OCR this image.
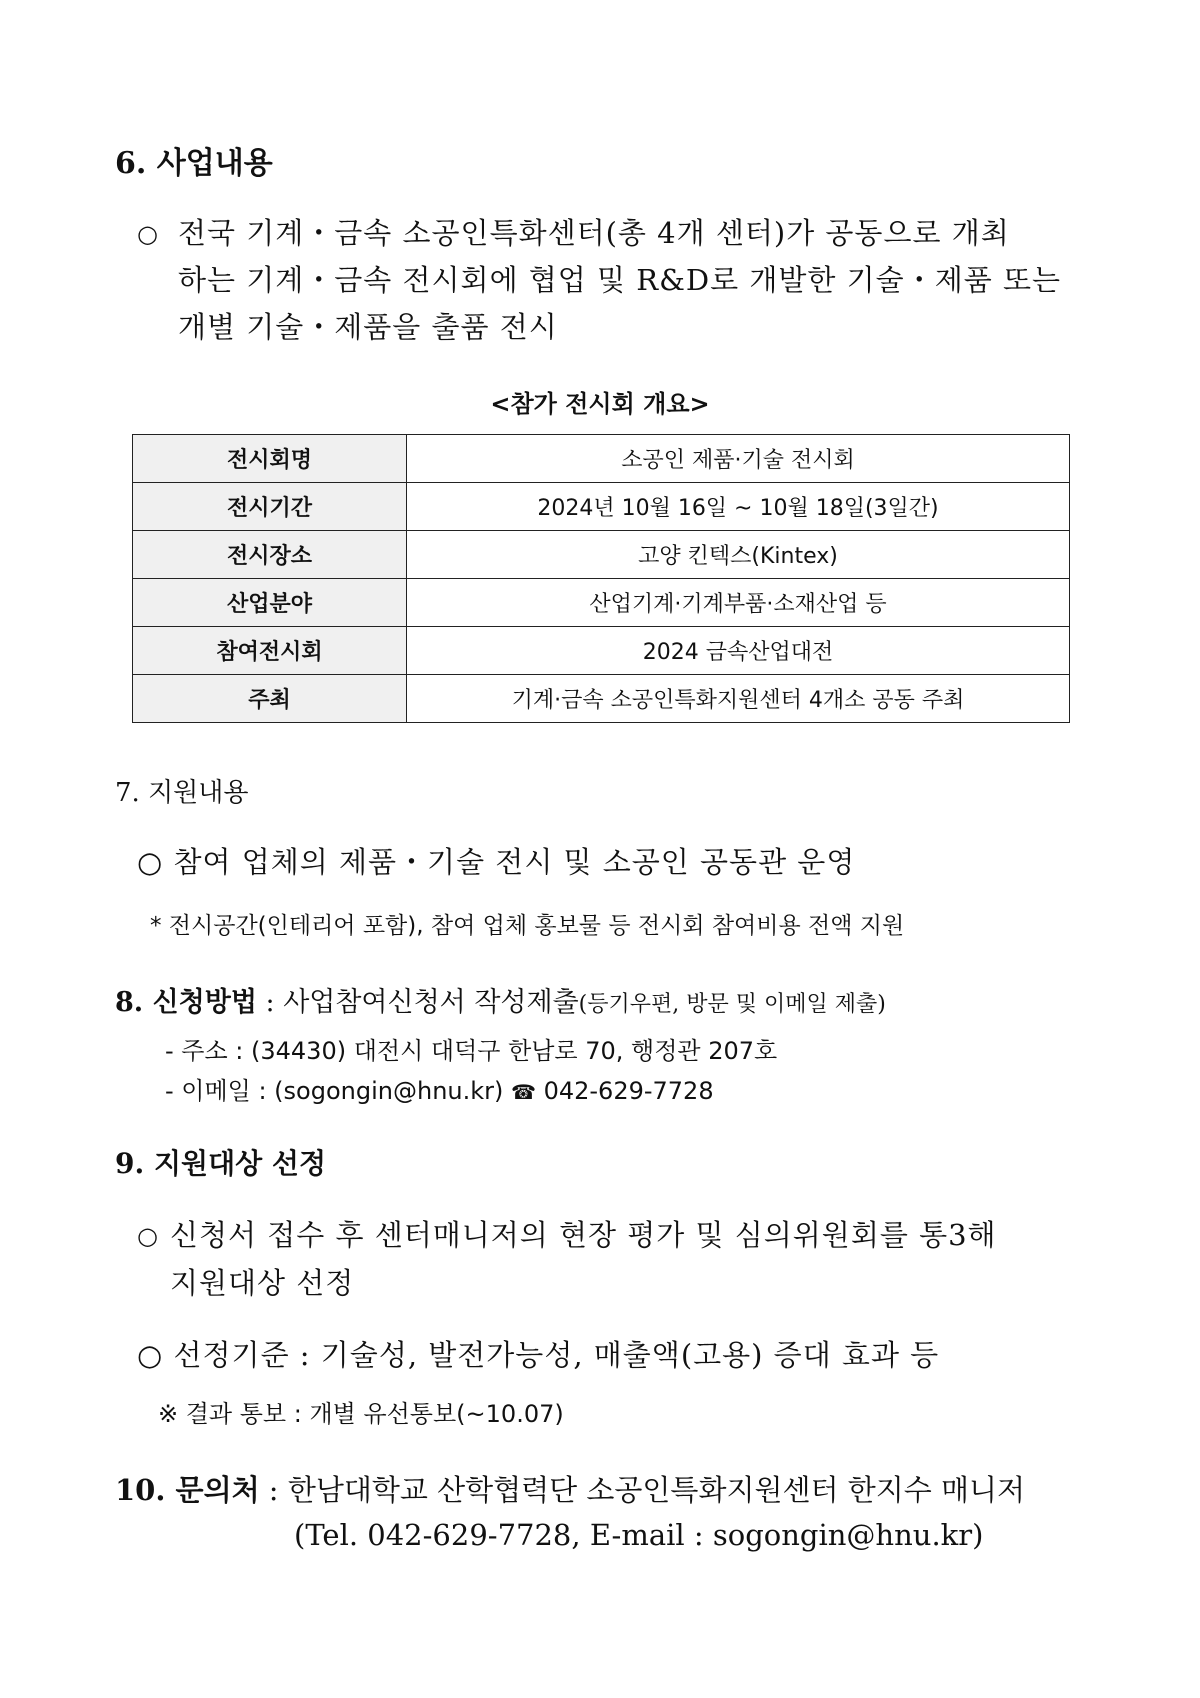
6. 사업내용
○ 전국 기계・금속 소공인특화센터(총 4개 센터)가 공동으로 개최
하는 기계・금속 전시회에 협업 및 R&D로 개발한 기술・제품 또는
개별 기술・제품을 출품 전시
<참가 전시회 개요>
전시회명	소공인 제품·기술 전시회
전시기간	2024년 10월 16일 ~ 10월 18일(3일간)
전시장소	고양 킨텍스(Kintex)
산업분야	산업기계·기계부품·소재산업 등
참여전시회	2024 금속산업대전
주최	기계·금속 소공인특화지원센터 4개소 공동 주최
7. 지원내용
○ 참여 업체의 제품・기술 전시 및 소공인 공동관 운영
* 전시공간(인테리어 포함), 참여 업체 홍보물 등 전시회 참여비용 전액 지원
8. 신청방법 : 사업참여신청서 작성제출(등기우편, 방문 및 이메일 제출)
- 주소 : (34430) 대전시 대덕구 한남로 70, 행정관 207호
- 이메일 : (sogongin@hnu.kr) ☎ 042-629-7728
9. 지원대상 선정
○ 신청서 접수 후 센터매니저의 현장 평가 및 심의위원회를 통3해
지원대상 선정
○ 선정기준 : 기술성, 발전가능성, 매출액(고용) 증대 효과 등
※ 결과 통보 : 개별 유선통보(~10.07)
10. 문의처 : 한남대학교 산학협력단 소공인특화지원센터 한지수 매니저
(Tel. 042-629-7728, E-mail : sogongin@hnu.kr)
